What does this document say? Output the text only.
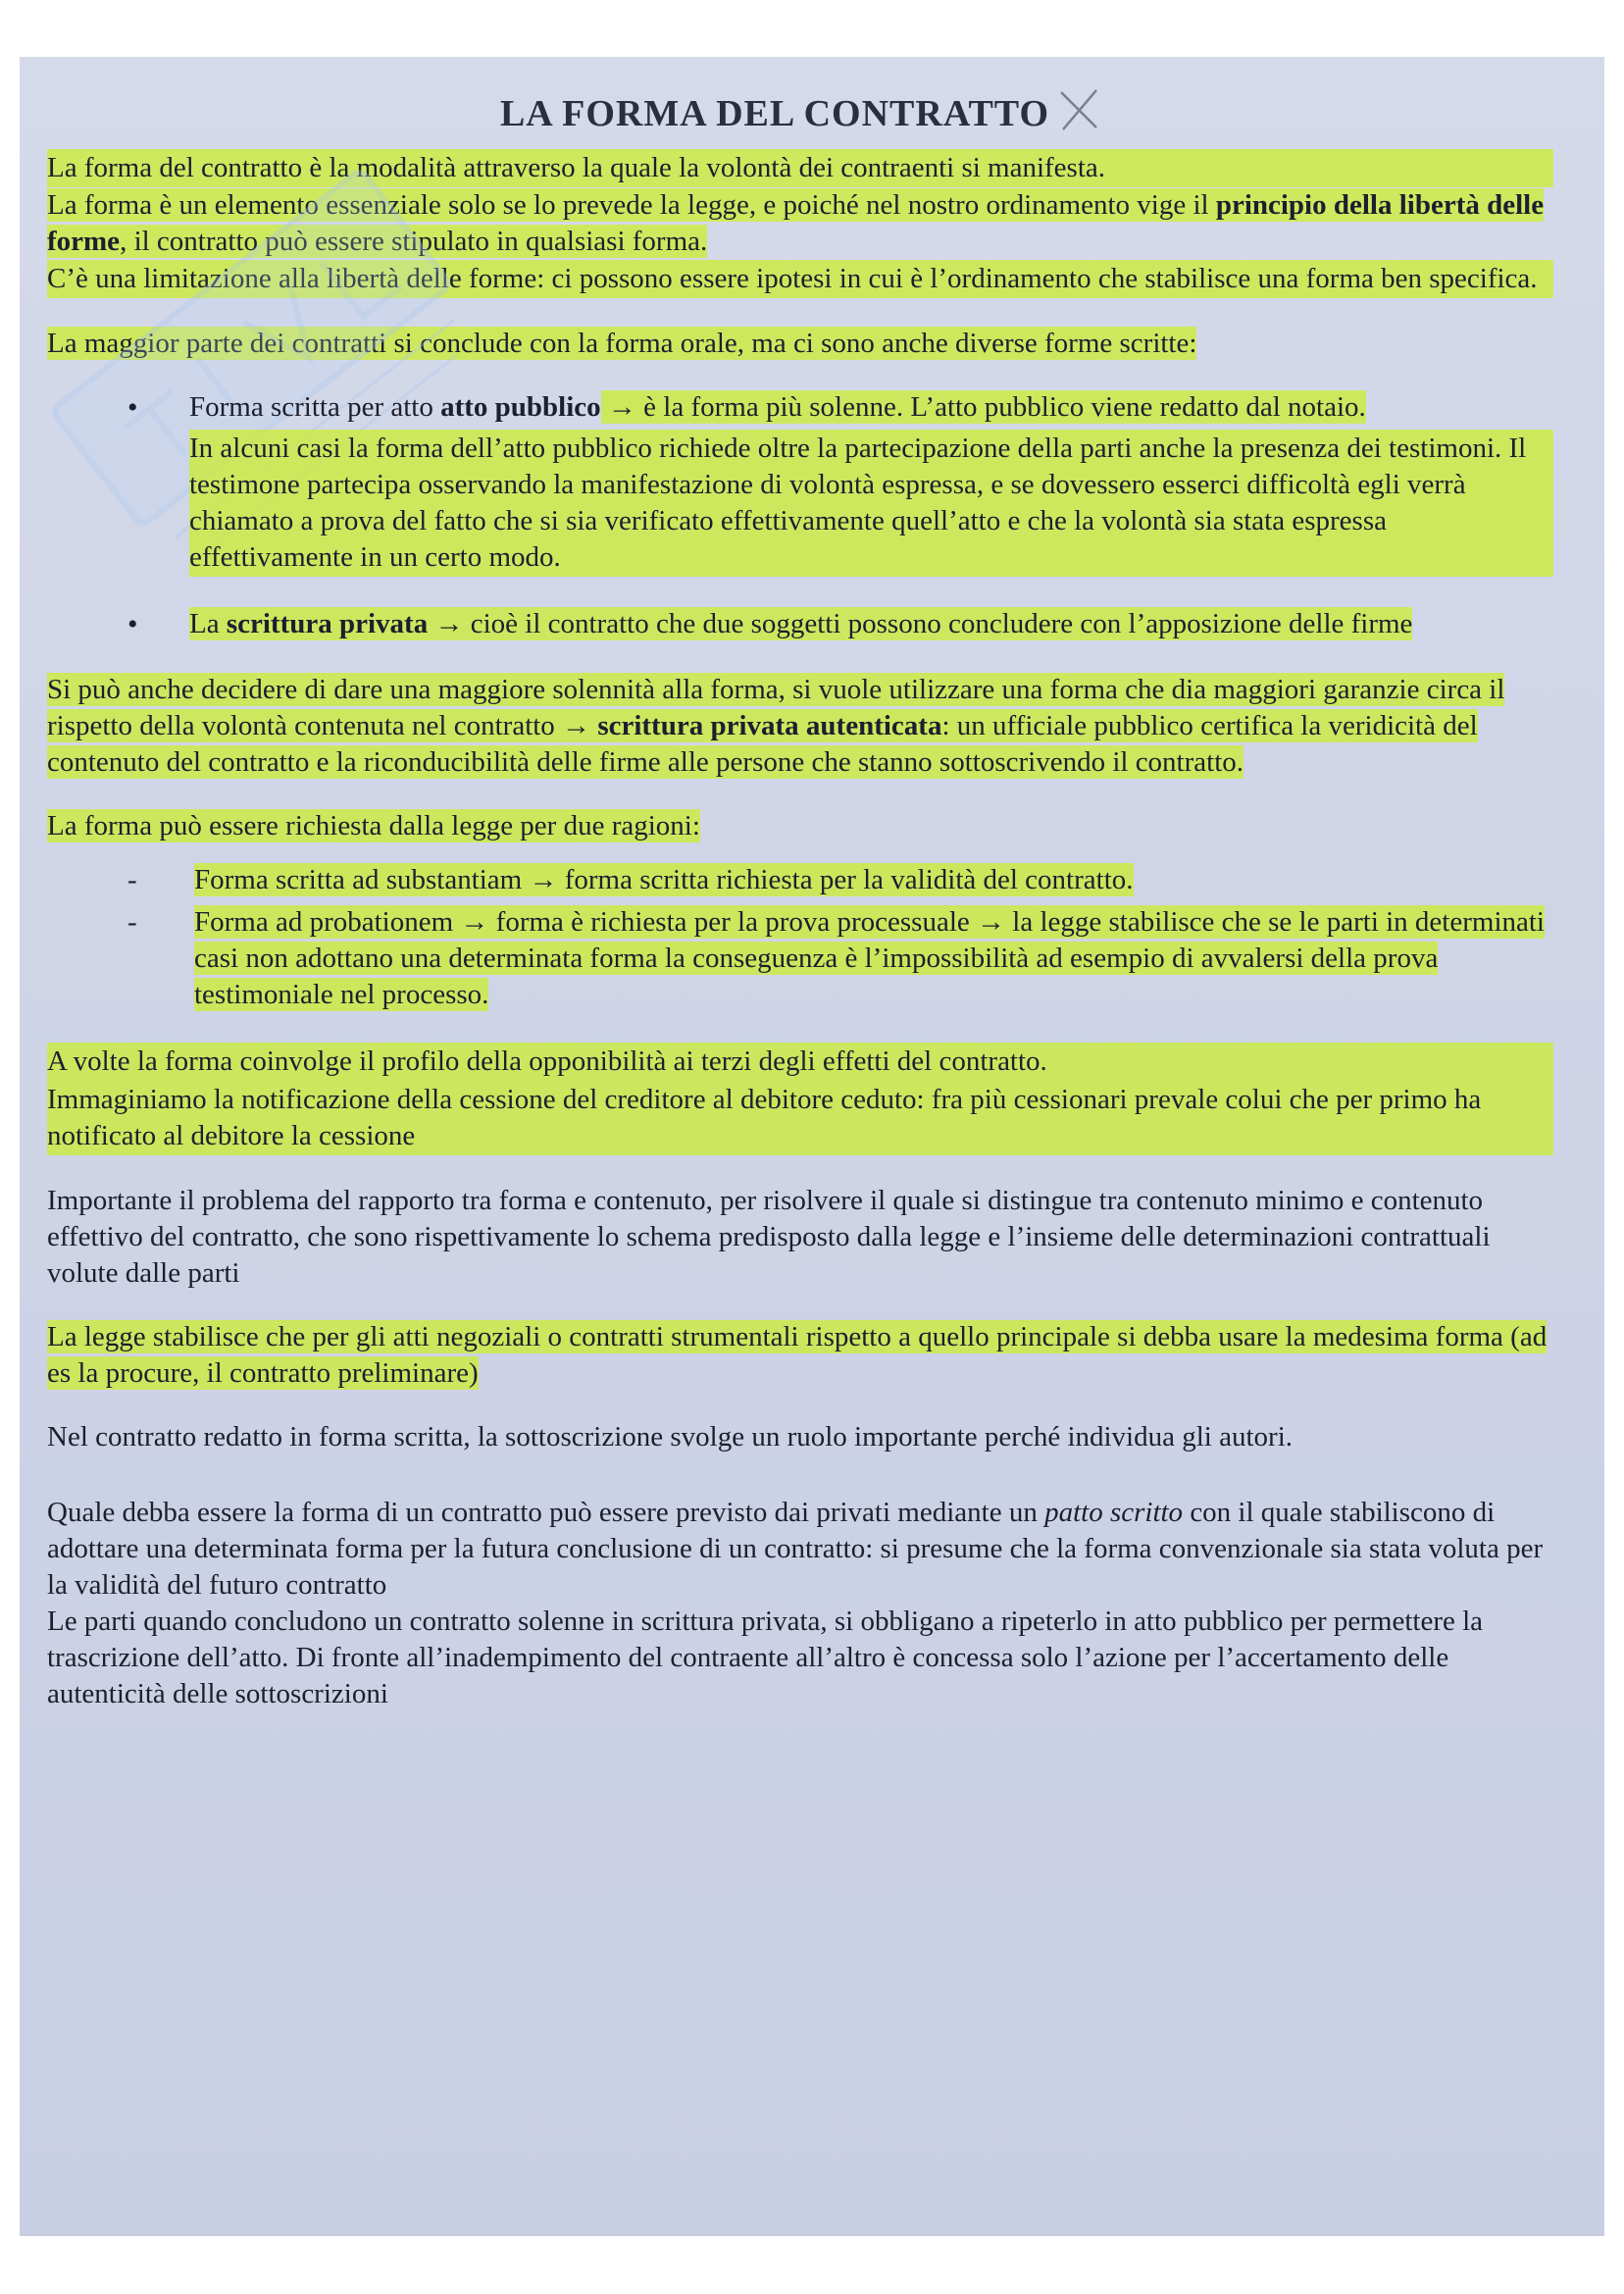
LA FORMA DEL CONTRATTO

La forma del contratto è la modalità attraverso la quale la volontà dei contraenti si manifesta.
La forma è un elemento essenziale solo se lo prevede la legge, e poiché nel nostro ordinamento vige il principio della libertà delle forme, il contratto può essere stipulato in qualsiasi forma.
C’è una limitazione alla libertà delle forme: ci possono essere ipotesi in cui è l’ordinamento che stabilisce una forma ben specifica.

La maggior parte dei contratti si conclude con la forma orale, ma ci sono anche diverse forme scritte:

• Forma scritta per atto atto pubblico → è la forma più solenne. L’atto pubblico viene redatto dal notaio.
In alcuni casi la forma dell’atto pubblico richiede oltre la partecipazione della parti anche la presenza dei testimoni. Il testimone partecipa osservando la manifestazione di volontà espressa, e se dovessero esserci difficoltà egli verrà chiamato a prova del fatto che si sia verificato effettivamente quell’atto e che la volontà sia stata espressa effettivamente in un certo modo.
• La scrittura privata → cioè il contratto che due soggetti possono concludere con l’apposizione delle firme

Si può anche decidere di dare una maggiore solennità alla forma, si vuole utilizzare una forma che dia maggiori garanzie circa il rispetto della volontà contenuta nel contratto → scrittura privata autenticata: un ufficiale pubblico certifica la veridicità del contenuto del contratto e la riconducibilità delle firme alle persone che stanno sottoscrivendo il contratto.

La forma può essere richiesta dalla legge per due ragioni:

- Forma scritta ad substantiam → forma scritta richiesta per la validità del contratto.
- Forma ad probationem → forma è richiesta per la prova processuale → la legge stabilisce che se le parti in determinati casi non adottano una determinata forma la conseguenza è l’impossibilità ad esempio di avvalersi della prova testimoniale nel processo.

A volte la forma coinvolge il profilo della opponibilità ai terzi degli effetti del contratto.
Immaginiamo la notificazione della cessione del creditore al debitore ceduto: fra più cessionari prevale colui che per primo ha notificato al debitore la cessione

Importante il problema del rapporto tra forma e contenuto, per risolvere il quale si distingue tra contenuto minimo e contenuto effettivo del contratto, che sono rispettivamente lo schema predisposto dalla legge e l’insieme delle determinazioni contrattuali volute dalle parti

La legge stabilisce che per gli atti negoziali o contratti strumentali rispetto a quello principale si debba usare la medesima forma (ad es la procure, il contratto preliminare)

Nel contratto redatto in forma scritta, la sottoscrizione svolge un ruolo importante perché individua gli autori.

Quale debba essere la forma di un contratto può essere previsto dai privati mediante un patto scritto con il quale stabiliscono di adottare una determinata forma per la futura conclusione di un contratto: si presume che la forma convenzionale sia stata voluta per la validità del futuro contratto
Le parti quando concludono un contratto solenne in scrittura privata, si obbligano a ripeterlo in atto pubblico per permettere la trascrizione dell’atto. Di fronte all’inadempimento del contraente all’altro è concessa solo l’azione per l’accertamento delle autenticità delle sottoscrizioni
